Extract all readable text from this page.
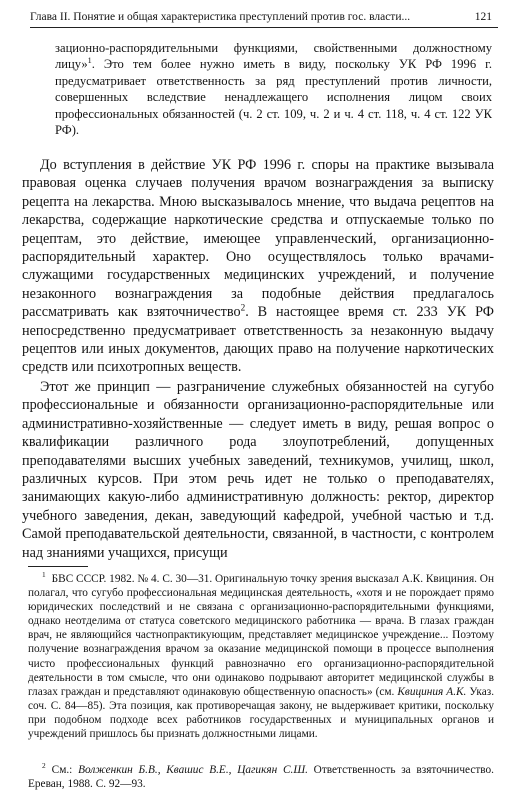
Глава II. Понятие и общая характеристика преступлений против гос. власти...	121
зационно-распорядительными функциями, свойственными должностному лицу»$^1$. Это тем более нужно иметь в виду, поскольку УК РФ 1996 г. предусматривает ответственность за ряд преступлений против личности, совершенных вследствие ненадлежащего исполнения лицом своих профессиональных обязанностей (ч. 2 ст. 109, ч. 2 и ч. 4 ст. 118, ч. 4 ст. 122 УК РФ).
До вступления в действие УК РФ 1996 г. споры на практике вызывала правовая оценка случаев получения врачом вознаграждения за выписку рецепта на лекарства. Мною высказывалось мнение, что выдача рецептов на лекарства, содержащие наркотические средства и отпускаемые только по рецептам, это действие, имеющее управленческий, организационно-распорядительный характер. Оно осуществлялось только врачами-служащими государственных медицинских учреждений, и получение незаконного вознаграждения за подобные действия предлагалось рассматривать как взяточничество$^2$. В настоящее время ст. 233 УК РФ непосредственно предусматривает ответственность за незаконную выдачу рецептов или иных документов, дающих право на получение наркотических средств или психотропных веществ.
Этот же принцип — разграничение служебных обязанностей на сугубо профессиональные и обязанности организационно-распорядительные или административно-хозяйственные — следует иметь в виду, решая вопрос о квалификации различного рода злоупотреблений, допущенных преподавателями высших учебных заведений, техникумов, училищ, школ, различных курсов. При этом речь идет не только о преподавателях, занимающих какую-либо административную должность: ректор, директор учебного заведения, декан, заведующий кафедрой, учебной частью и т.д. Самой преподавательской деятельности, связанной, в частности, с контролем над знаниями учащихся, присущи
$^1$ БВС СССР. 1982. № 4. С. 30—31. Оригинальную точку зрения высказал А.К. Квициния. Он полагал, что сугубо профессиональная медицинская деятельность, «хотя и не порождает прямо юридических последствий и не связана с организационно-распорядительными функциями, однако неотделима от статуса советского медицинского работника — врача. В глазах граждан врач, не являющийся частнопрактикующим, представляет медицинское учреждение... Поэтому получение вознаграждения врачом за оказание медицинской помощи в процессе выполнения чисто профессиональных функций равнозначно его организационно-распорядительной деятельности в том смысле, что они одинаково подрывают авторитет медицинской службы в глазах граждан и представляют одинаковую общественную опасность» (см. Квициния А.К. Указ. соч. С. 84—85). Эта позиция, как противоречащая закону, не выдерживает критики, поскольку при подобном подходе всех работников государственных и муниципальных органов и учреждений пришлось бы признать должностными лицами.
$^2$ См.: Волженкин Б.В., Квашис В.Е., Цагикян С.Ш. Ответственность за взяточничество. Ереван, 1988. С. 92—93.
